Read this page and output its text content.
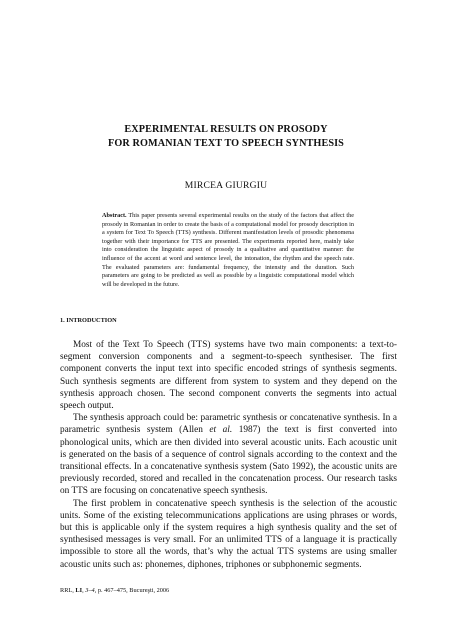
EXPERIMENTAL RESULTS ON PROSODY
FOR ROMANIAN TEXT TO SPEECH SYNTHESIS
MIRCEA GIURGIU
Abstract. This paper presents several experimental results on the study of the factors that affect the prosody in Romanian in order to create the basis of a computational model for prosody description in a system for Text To Speech (TTS) synthesis. Different manifestation levels of prosodic phenomena together with their importance for TTS are presented. The experiments reported here, mainly take into consideration the linguistic aspect of prosody in a qualitative and quantitative manner: the influence of the accent at word and sentence level, the intonation, the rhythm and the speech rate. The evaluated parameters are: fundamental frequency, the intensity and the duration. Such parameters are going to be predicted as well as possible by a linguistic computational model which will be developed in the future.
1. INTRODUCTION

Most of the Text To Speech (TTS) systems have two main components: a text-to-segment conversion components and a segment-to-speech synthesiser. The first component converts the input text into specific encoded strings of synthesis segments. Such synthesis segments are different from system to system and they depend on the synthesis approach chosen. The second component converts the segments into actual speech output.

The synthesis approach could be: parametric synthesis or concatenative synthesis. In a parametric synthesis system (Allen et al. 1987) the text is first converted into phonological units, which are then divided into several acoustic units. Each acoustic unit is generated on the basis of a sequence of control signals according to the context and the transitional effects. In a concatenative synthesis system (Sato 1992), the acoustic units are previously recorded, stored and recalled in the concatenation process. Our research tasks on TTS are focusing on concatenative speech synthesis.

The first problem in concatenative speech synthesis is the selection of the acoustic units. Some of the existing telecommunications applications are using phrases or words, but this is applicable only if the system requires a high synthesis quality and the set of synthesised messages is very small. For an unlimited TTS of a language it is practically impossible to store all the words, that’s why the actual TTS systems are using smaller acoustic units such as: phonemes, diphones, triphones or subphonemic segments.

RRL, LI, 3–4, p. 467–475, Bucureşti, 2006
